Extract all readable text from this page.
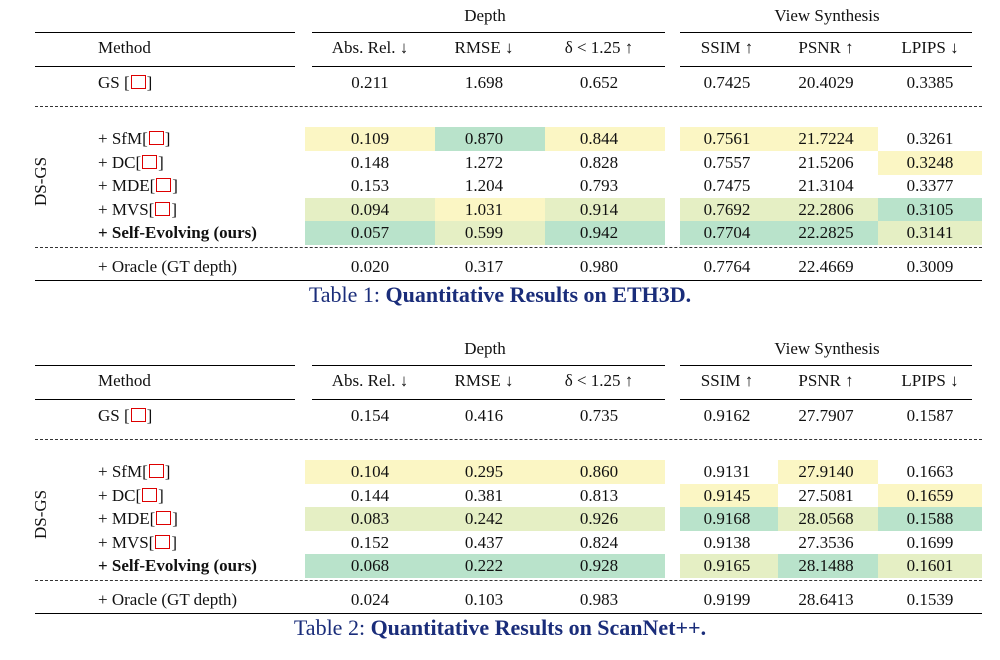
Depth	View Synthesis
Method	Abs. Rel. ↓	RMSE ↓	δ < 1.25 ↑	SSIM ↑	PSNR ↑	LPIPS ↓
GS [ ]	0.211	1.698	0.652	0.7425	20.4029	0.3385
+ SfM[ ]	0.109	0.870	0.844	0.7561	21.7224	0.3261
+ DC[ ]	0.148	1.272	0.828	0.7557	21.5206	0.3248
+ MDE[ ]	0.153	1.204	0.793	0.7475	21.3104	0.3377
+ MVS[ ]	0.094	1.031	0.914	0.7692	22.2806	0.3105
+ Self-Evolving (ours)	0.057	0.599	0.942	0.7704	22.2825	0.3141
DS-GS
+ Oracle (GT depth)	0.020	0.317	0.980	0.7764	22.4669	0.3009
Table 1: Quantitative Results on ETH3D.
Depth	View Synthesis
Method	Abs. Rel. ↓	RMSE ↓	δ < 1.25 ↑	SSIM ↑	PSNR ↑	LPIPS ↓
GS [ ]	0.154	0.416	0.735	0.9162	27.7907	0.1587
+ SfM[ ]	0.104	0.295	0.860	0.9131	27.9140	0.1663
+ DC[ ]	0.144	0.381	0.813	0.9145	27.5081	0.1659
+ MDE[ ]	0.083	0.242	0.926	0.9168	28.0568	0.1588
+ MVS[ ]	0.152	0.437	0.824	0.9138	27.3536	0.1699
+ Self-Evolving (ours)	0.068	0.222	0.928	0.9165	28.1488	0.1601
DS-GS
+ Oracle (GT depth)	0.024	0.103	0.983	0.9199	28.6413	0.1539
Table 2: Quantitative Results on ScanNet++.
